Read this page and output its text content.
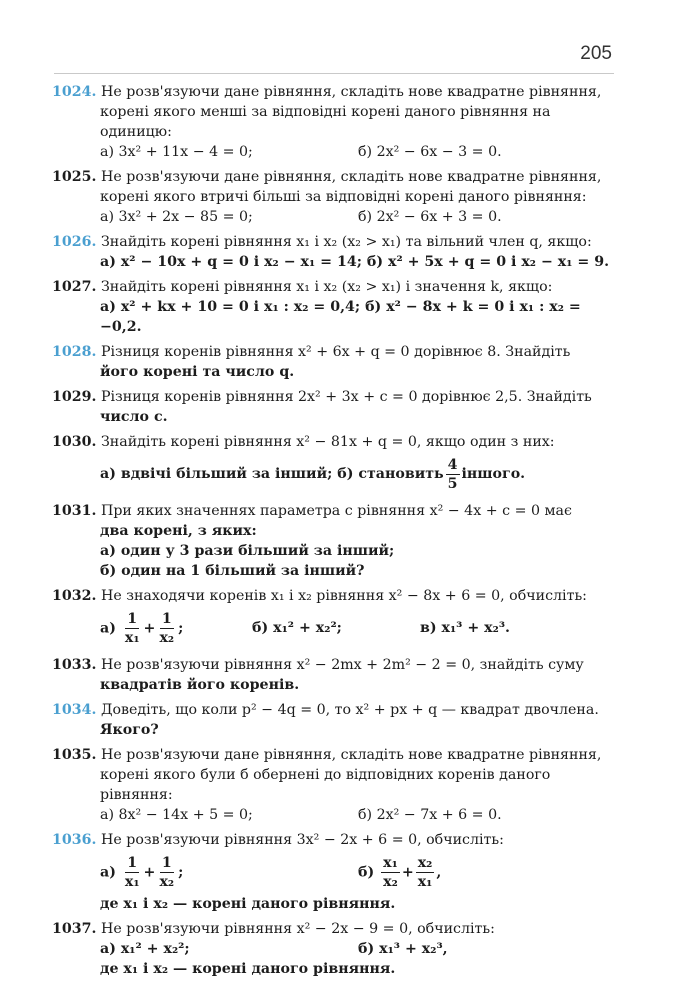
205
1024. Не розв'язуючи дане рівняння, складіть нове квадратне рівняння,
корені якого менші за відповідні корені даного рівняння на одиницю:
а) 3x² + 11x − 4 = 0;	б) 2x² − 6x − 3 = 0.
1025. Не розв'язуючи дане рівняння, складіть нове квадратне рівняння,
корені якого втричі більші за відповідні корені даного рівняння:
а) 3x² + 2x − 85 = 0;	б) 2x² − 6x + 3 = 0.
1026. Знайдіть корені рівняння x₁ і x₂ (x₂ > x₁) та вільний член q, якщо:
а) x² − 10x + q = 0 і x₂ − x₁ = 14; б) x² + 5x + q = 0 і x₂ − x₁ = 9.
1027. Знайдіть корені рівняння x₁ і x₂ (x₂ > x₁) і значення k, якщо:
а) x² + kx + 10 = 0 і x₁ : x₂ = 0,4; б) x² − 8x + k = 0 і x₁ : x₂ = −0,2.
1028. Різниця коренів рівняння x² + 6x + q = 0 дорівнює 8. Знайдіть
його корені та число q.
1029. Різниця коренів рівняння 2x² + 3x + c = 0 дорівнює 2,5. Знайдіть
число c.
1030. Знайдіть корені рівняння x² − 81x + q = 0, якщо один з них:
а) вдвічі більший за інший; б) становить $\frac{4}{5}$ іншого.
1031. При яких значеннях параметра c рівняння x² − 4x + c = 0 має
два корені, з яких:
а) один у 3 рази більший за інший;
б) один на 1 більший за інший?
1032. Не знаходячи коренів x₁ і x₂ рівняння x² − 8x + 6 = 0, обчисліть:
$а) \frac{1}{\text{x₁}} + \frac{1}{\text{x₂}}$ ;	б) x₁² + x₂²;	в) x₁³ + x₂³.
1033. Не розв'язуючи рівняння x² − 2mx + 2m² − 2 = 0, знайдіть суму
квадратів його коренів.
1034. Доведіть, що коли p² − 4q = 0, то x² + px + q — квадрат двочлена.
Якого?
1035. Не розв'язуючи дане рівняння, складіть нове квадратне рівняння,
корені якого були б обернені до відповідних коренів даного рівняння:
а) 8x² − 14x + 5 = 0;	б) 2x² − 7x + 6 = 0.
1036. Не розв'язуючи рівняння 3x² − 2x + 6 = 0, обчисліть:
$а) \frac{1}{\text{x₁}} + \frac{1}{\text{x₂}}$ ;	$б) \frac{\text{x₁}}{\text{x₂}} + \frac{\text{x₂}}{\text{x₁}}$ ,
де x₁ і x₂ — корені даного рівняння.
1037. Не розв'язуючи рівняння x² − 2x − 9 = 0, обчисліть:
а) x₁² + x₂²;	б) x₁³ + x₂³,
де x₁ і x₂ — корені даного рівняння.
